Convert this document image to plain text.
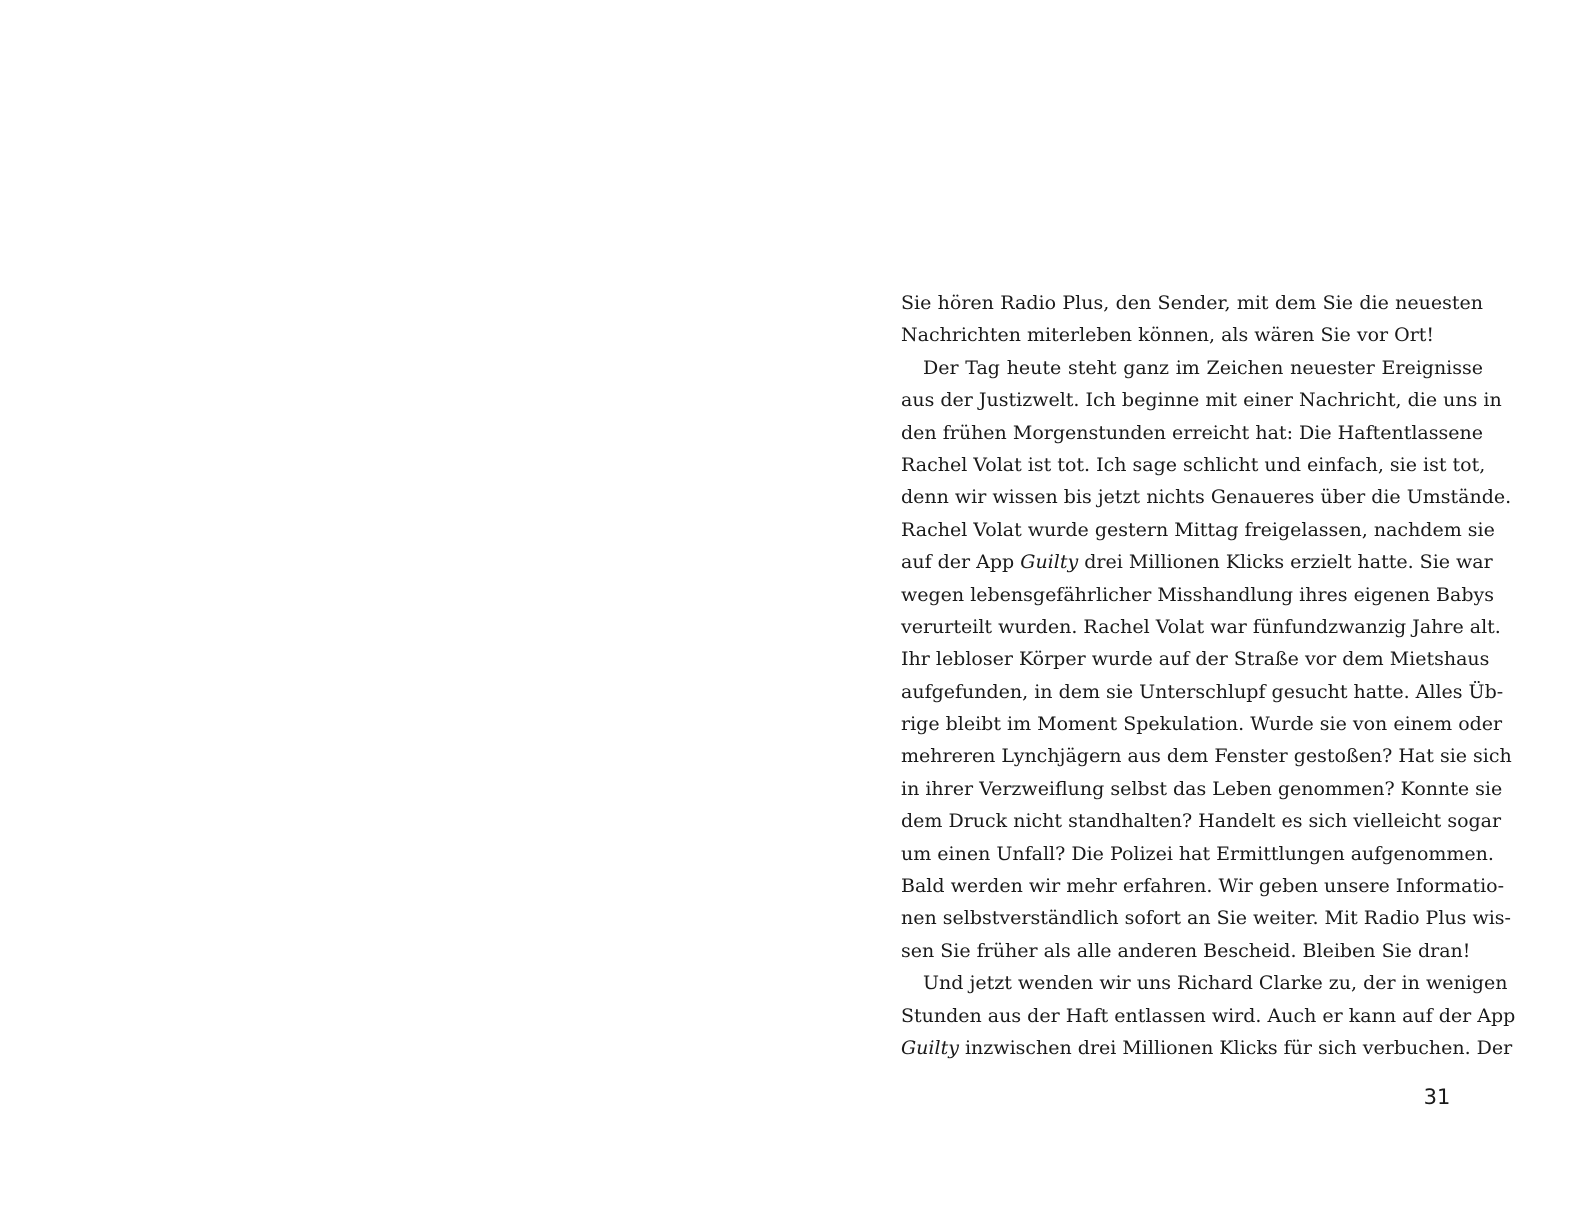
Sie hören Radio Plus, den Sender, mit dem Sie die neuesten
Nachrichten miterleben können, als wären Sie vor Ort!
Der Tag heute steht ganz im Zeichen neuester Ereignisse
aus der Justizwelt. Ich beginne mit einer Nachricht, die uns in
den frühen Morgenstunden erreicht hat: Die Haftentlassene
Rachel Volat ist tot. Ich sage schlicht und einfach, sie ist tot,
denn wir wissen bis jetzt nichts Genaueres über die Umstände.
Rachel Volat wurde gestern Mittag freigelassen, nachdem sie
auf der App Guilty drei Millionen Klicks erzielt hatte. Sie war
wegen lebensgefährlicher Misshandlung ihres eigenen Babys
verurteilt wurden. Rachel Volat war fünfundzwanzig Jahre alt.
Ihr lebloser Körper wurde auf der Straße vor dem Mietshaus
aufgefunden, in dem sie Unterschlupf gesucht hatte. Alles Üb-
rige bleibt im Moment Spekulation. Wurde sie von einem oder
mehreren Lynchjägern aus dem Fenster gestoßen? Hat sie sich
in ihrer Verzweiflung selbst das Leben genommen? Konnte sie
dem Druck nicht standhalten? Handelt es sich vielleicht sogar
um einen Unfall? Die Polizei hat Ermittlungen aufgenommen.
Bald werden wir mehr erfahren. Wir geben unsere Informatio-
nen selbstverständlich sofort an Sie weiter. Mit Radio Plus wis-
sen Sie früher als alle anderen Bescheid. Bleiben Sie dran!
Und jetzt wenden wir uns Richard Clarke zu, der in wenigen
Stunden aus der Haft entlassen wird. Auch er kann auf der App
Guilty inzwischen drei Millionen Klicks für sich verbuchen. Der
31
